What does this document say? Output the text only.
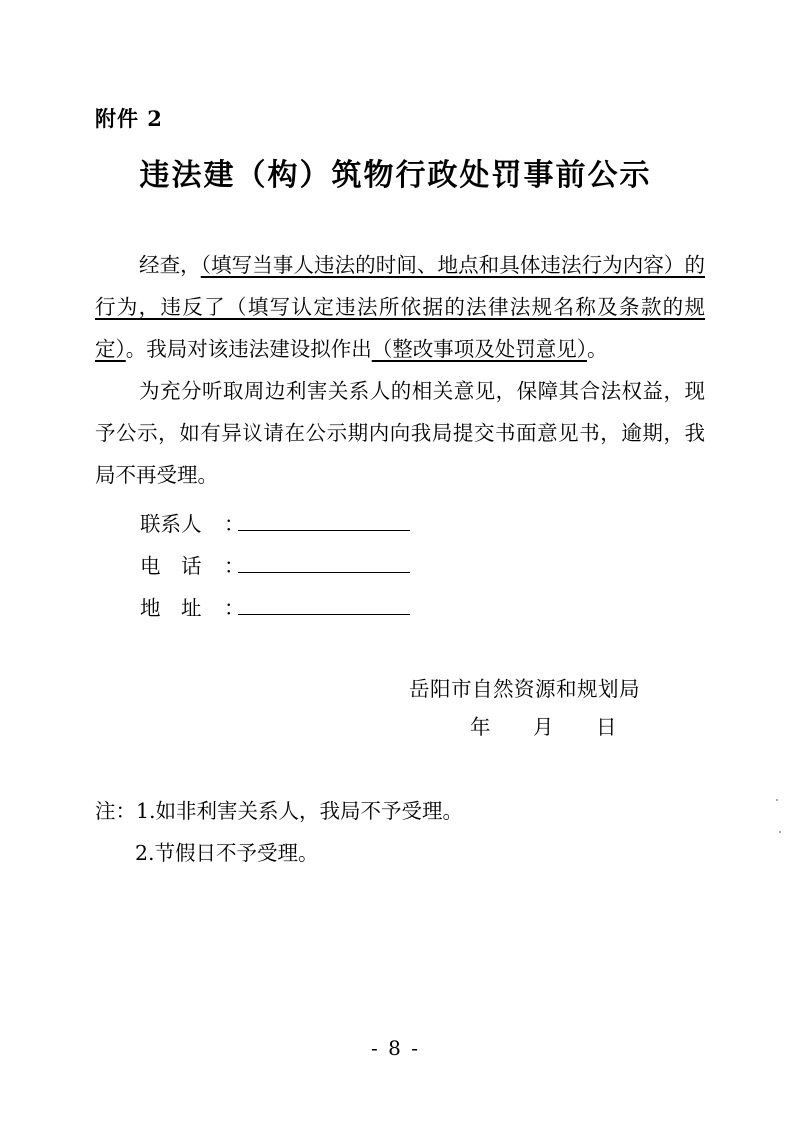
附件 2
违法建（构）筑物行政处罚事前公示

经查，（填写当事人违法的时间、地点和具体违法行为内容）的行为，违反了（填写认定违法所依据的法律法规名称及条款的规定）。我局对该违法建设拟作出（整改事项及处罚意见）。

为充分听取周边利害关系人的相关意见，保障其合法权益，现予公示，如有异议请在公示期内向我局提交书面意见书，逾期，我局不再受理。

联系人	：
电　话	：
地　址	：
岳阳市自然资源和规划局
年　　月　　日
注：1.如非利害关系人，我局不予受理。
2.节假日不予受理。
- 8 -
